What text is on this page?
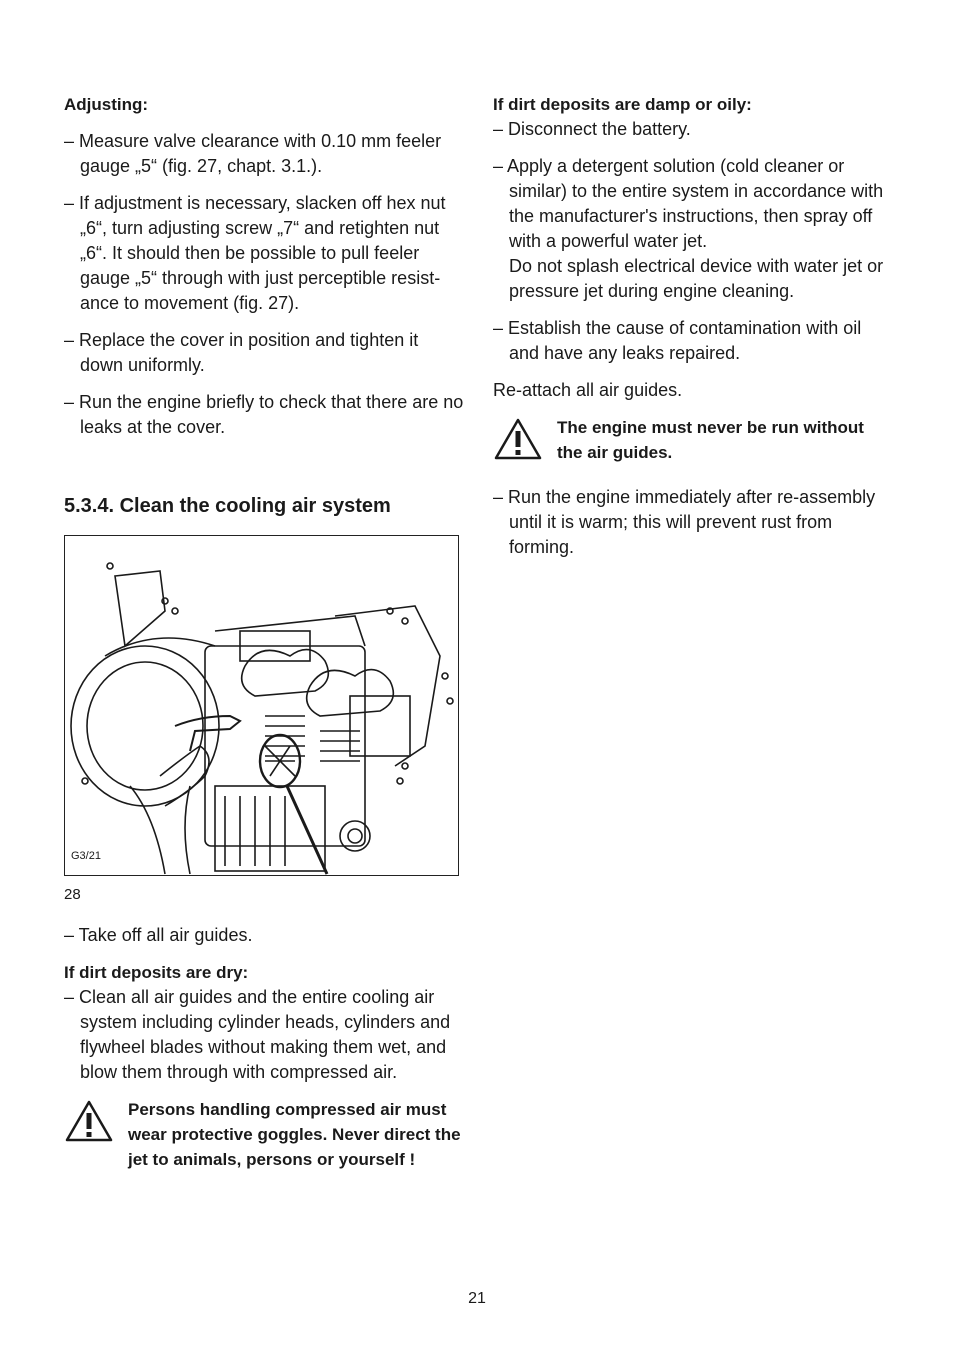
Adjusting:

– Measure valve clearance with 0.10 mm feeler gauge „5“ (fig. 27, chapt. 3.1.).

– If adjustment is necessary, slacken off hex nut „6“, turn adjusting screw „7“ and retighten nut „6“. It should then be possible to pull feeler gauge „5“ through with just perceptible resist-ance to movement (fig. 27).

– Replace the cover in position and tighten it down uniformly.

– Run the engine briefly to check that there are no leaks at the cover.

5.3.4. Clean the cooling air system

G3/21
28

– Take off all air guides.

If dirt deposits are dry:

– Clean all air guides and the entire cooling air system including cylinder heads, cylinders and flywheel blades without making them wet, and blow them through with compressed air.

Persons handling compressed air must wear protective goggles. Never direct the jet to animals, persons or yourself !

If dirt deposits are damp or oily:

– Disconnect the battery.

– Apply a detergent solution (cold cleaner or similar) to the entire system in accordance with the manufacturer's instructions, then spray off with a powerful water jet.

Do not splash electrical device with water jet or pressure jet during engine cleaning.

– Establish the cause of contamination with oil and have any leaks repaired.

Re-attach all air guides.

The engine must never be run without the air guides.

– Run the engine immediately after re-assembly until it is warm; this will prevent rust from forming.

21
